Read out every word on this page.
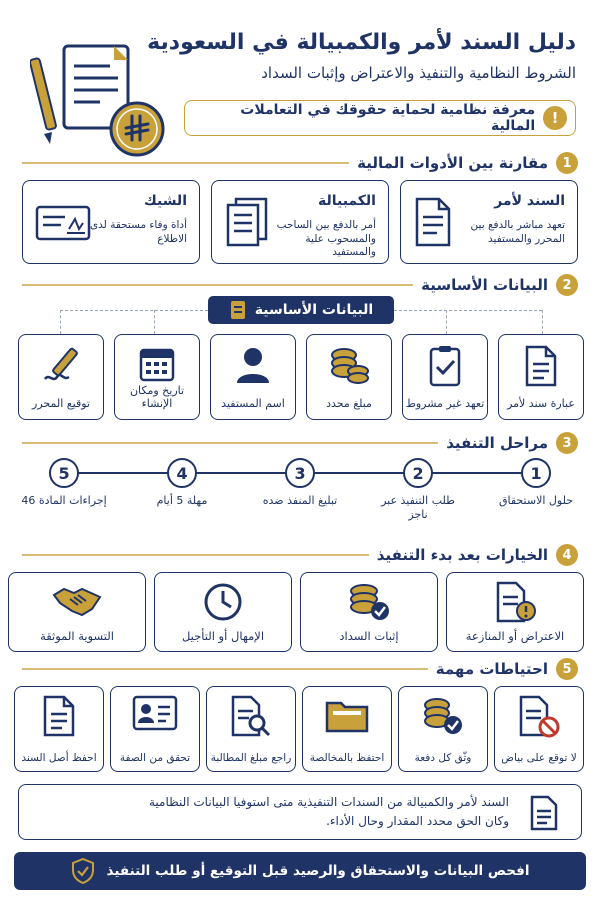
دليل السند لأمر والكمبيالة في السعودية
الشروط النظامية والتنفيذ والاعتراض وإثبات السداد
!
معرفة نظامية لحماية حقوقك في التعاملات المالية
1
مقارنة بين الأدوات المالية
السند لأمر
تعهد مباشر بالدفع بين المحرر والمستفيد
الكمبيالة
أمر بالدفع بين الساحب والمسحوب علية والمستفيد
الشيك
أداة وفاء مستحقة لدى الاطلاع
2
البيانات الأساسية
البيانات الأساسية
عبارة سند لأمر
تعهد غير مشروط
مبلغ محدد
اسم المستفيد
تاريخ ومكان الإنشاء
توقيع المحرر
3
مراحل التنفيذ
1
حلول الاستحقاق
2
طلب التنفيذ عبر ناجز
3
تبليغ المنفذ ضده
4
مهلة 5 أيام
5
إجراءات المادة 46
4
الخيارات بعد بدء التنفيذ
الاعتراض أو المنازعة
إثبات السداد
الإمهال أو التأجيل
التسوية الموثقة
5
احتياطات مهمة
لا توقع على بياض
وثّق كل دفعة
احتفظ بالمخالصة
راجع مبلغ المطالبة
تحقق من الصفة
احفظ أصل السند
السند لأمر والكمبيالة من السندات التنفيذية متى استوفيا البيانات النظامية
وكان الحق محدد المقدار وحال الأداء.
افحص البيانات والاستحقاق والرصيد قبل التوقيع أو طلب التنفيذ
